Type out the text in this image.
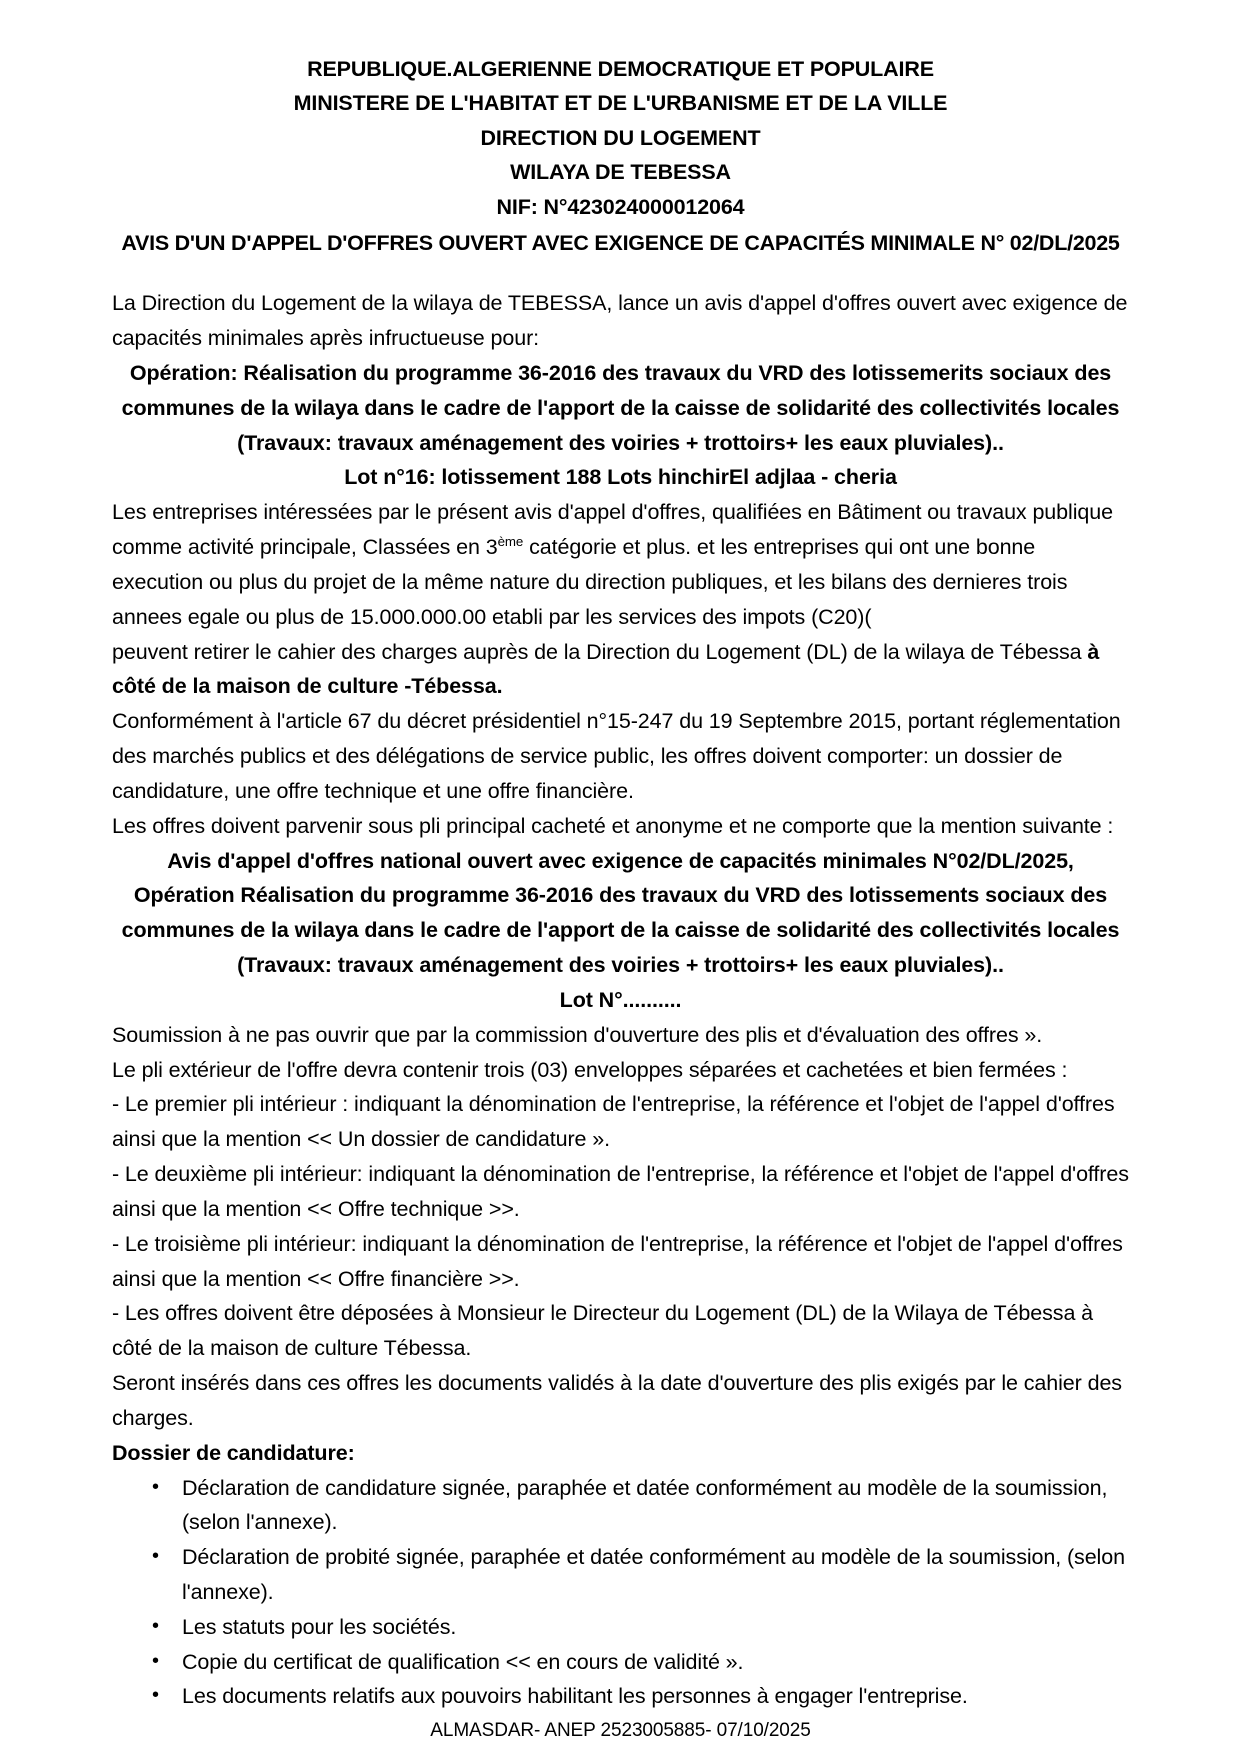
REPUBLIQUE.ALGERIENNE DEMOCRATIQUE ET POPULAIRE
MINISTERE DE L'HABITAT ET DE L'URBANISME ET DE LA VILLE
DIRECTION DU LOGEMENT
WILAYA DE TEBESSA
NIF: N°423024000012064
AVIS D'UN D'APPEL D'OFFRES OUVERT AVEC EXIGENCE DE CAPACITÉS MINIMALE N° 02/DL/2025

La Direction du Logement de la wilaya de TEBESSA, lance un avis d'appel d'offres ouvert avec exigence de capacités minimales après infructueuse pour:

Opération: Réalisation du programme 36-2016 des travaux du VRD des lotissemerits sociaux des communes de la wilaya dans le cadre de l'apport de la caisse de solidarité des collectivités locales (Travaux: travaux aménagement des voiries + trottoirs+ les eaux pluviales)..

Lot n°16: lotissement 188 Lots hinchirEl adjlaa - cheria

Les entreprises intéressées par le présent avis d'appel d'offres, qualifiées en Bâtiment ou travaux publique comme activité principale, Classées en 3ème catégorie et plus. et les entreprises qui ont une bonne execution ou plus du projet de la même nature du direction publiques, et les bilans des dernieres trois annees egale ou plus de 15.000.000.00 etabli par les services des impots (C20)(

peuvent retirer le cahier des charges auprès de la Direction du Logement (DL) de la wilaya de Tébessa à côté de la maison de culture -Tébessa.

Conformément à l'article 67 du décret présidentiel n°15-247 du 19 Septembre 2015, portant réglementation des marchés publics et des délégations de service public, les offres doivent comporter: un dossier de candidature, une offre technique et une offre financière.

Les offres doivent parvenir sous pli principal cacheté et anonyme et ne comporte que la mention suivante :

Avis d'appel d'offres national ouvert avec exigence de capacités minimales N°02/DL/2025,

Opération Réalisation du programme 36-2016 des travaux du VRD des lotissements sociaux des communes de la wilaya dans le cadre de l'apport de la caisse de solidarité des collectivités locales (Travaux: travaux aménagement des voiries + trottoirs+ les eaux pluviales)..

Lot N°..........

Soumission à ne pas ouvrir que par la commission d'ouverture des plis et d'évaluation des offres ».

Le pli extérieur de l'offre devra contenir trois (03) enveloppes séparées et cachetées et bien fermées :

- Le premier pli intérieur : indiquant la dénomination de l'entreprise, la référence et l'objet de l'appel d'offres ainsi que la mention << Un dossier de candidature ».

- Le deuxième pli intérieur: indiquant la dénomination de l'entreprise, la référence et l'objet de l'appel d'offres ainsi que la mention << Offre technique >>.

- Le troisième pli intérieur: indiquant la dénomination de l'entreprise, la référence et l'objet de l'appel d'offres ainsi que la mention << Offre financière >>.

- Les offres doivent être déposées à Monsieur le Directeur du Logement (DL) de la Wilaya de Tébessa à côté de la maison de culture Tébessa.

Seront insérés dans ces offres les documents validés à la date d'ouverture des plis exigés par le cahier des charges.

Dossier de candidature:

• Déclaration de candidature signée, paraphée et datée conformément au modèle de la soumission, (selon l'annexe).
• Déclaration de probité signée, paraphée et datée conformément au modèle de la soumission, (selon l'annexe).
• Les statuts pour les sociétés.
• Copie du certificat de qualification << en cours de validité ».
• Les documents relatifs aux pouvoirs habilitant les personnes à engager l'entreprise.
ALMASDAR- ANEP 2523005885- 07/10/2025
